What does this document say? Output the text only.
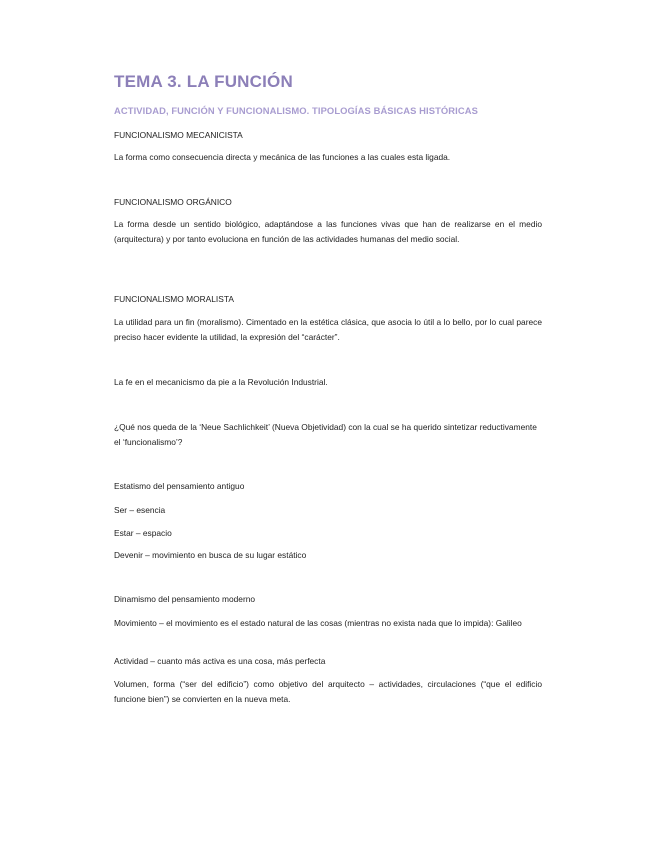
TEMA 3. LA FUNCIÓN
ACTIVIDAD, FUNCIÓN Y FUNCIONALISMO. TIPOLOGÍAS BÁSICAS HISTÓRICAS
FUNCIONALISMO MECANICISTA

La forma como consecuencia directa y mecánica de las funciones a las cuales esta ligada.

FUNCIONALISMO ORGÁNICO

La forma desde un sentido biológico, adaptándose a las funciones vivas que han de realizarse en el medio (arquitectura) y por tanto evoluciona en función de las actividades humanas del medio social.

FUNCIONALISMO MORALISTA

La utilidad para un fin (moralismo). Cimentado en la estética clásica, que asocia lo útil a lo bello, por lo cual parece preciso hacer evidente la utilidad, la expresión del “carácter”.

La fe en el mecanicismo da pie a la Revolución Industrial.

¿Qué nos queda de la ‘Neue Sachlichkeit’ (Nueva Objetividad) con la cual se ha querido sintetizar reductivamente el ‘funcionalismo’?

Estatismo del pensamiento antiguo

Ser – esencia

Estar – espacio

Devenir – movimiento en busca de su lugar estático

Dinamismo del pensamiento moderno

Movimiento – el movimiento es el estado natural de las cosas (mientras no exista nada que lo impida): Galileo

Actividad – cuanto más activa es una cosa, más perfecta

Volumen, forma (“ser del edificio”) como objetivo del arquitecto – actividades, circulaciones (“que el edificio funcione bien”) se convierten en la nueva meta.
